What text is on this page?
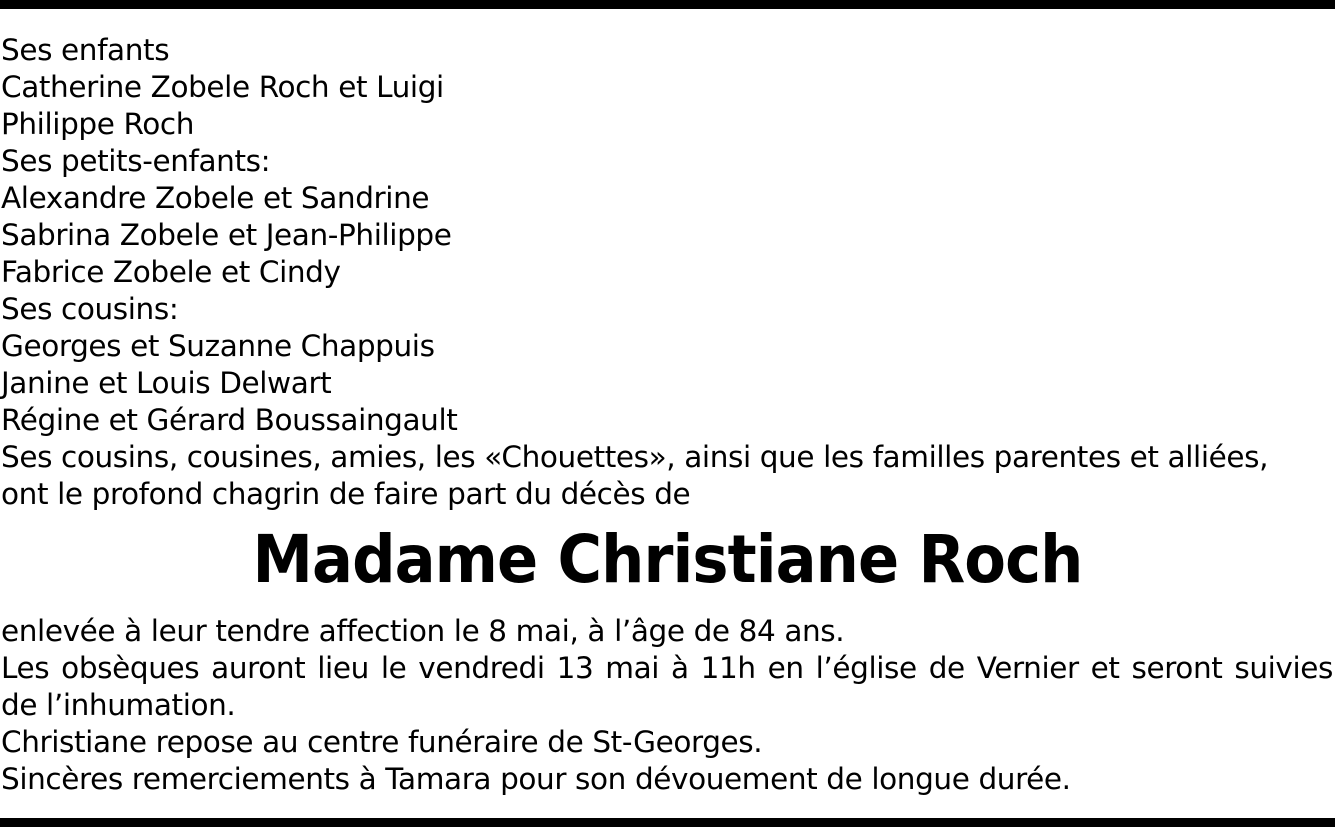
Ses enfants
Catherine Zobele Roch et Luigi
Philippe Roch
Ses petits-enfants:
Alexandre Zobele et Sandrine
Sabrina Zobele et Jean-Philippe
Fabrice Zobele et Cindy
Ses cousins:
Georges et Suzanne Chappuis
Janine et Louis Delwart
Régine et Gérard Boussaingault
Ses cousins, cousines, amies, les «Chouettes», ainsi que les familles parentes et alliées,
ont le profond chagrin de faire part du décès de
Madame Christiane Roch
enlevée à leur tendre affection le 8 mai, à l’âge de 84 ans.
Les obsèques auront lieu le vendredi 13 mai à 11h en l’église de Vernier et seront suivies
de l’inhumation.
Christiane repose au centre funéraire de St-Georges.
Sincères remerciements à Tamara pour son dévouement de longue durée.
